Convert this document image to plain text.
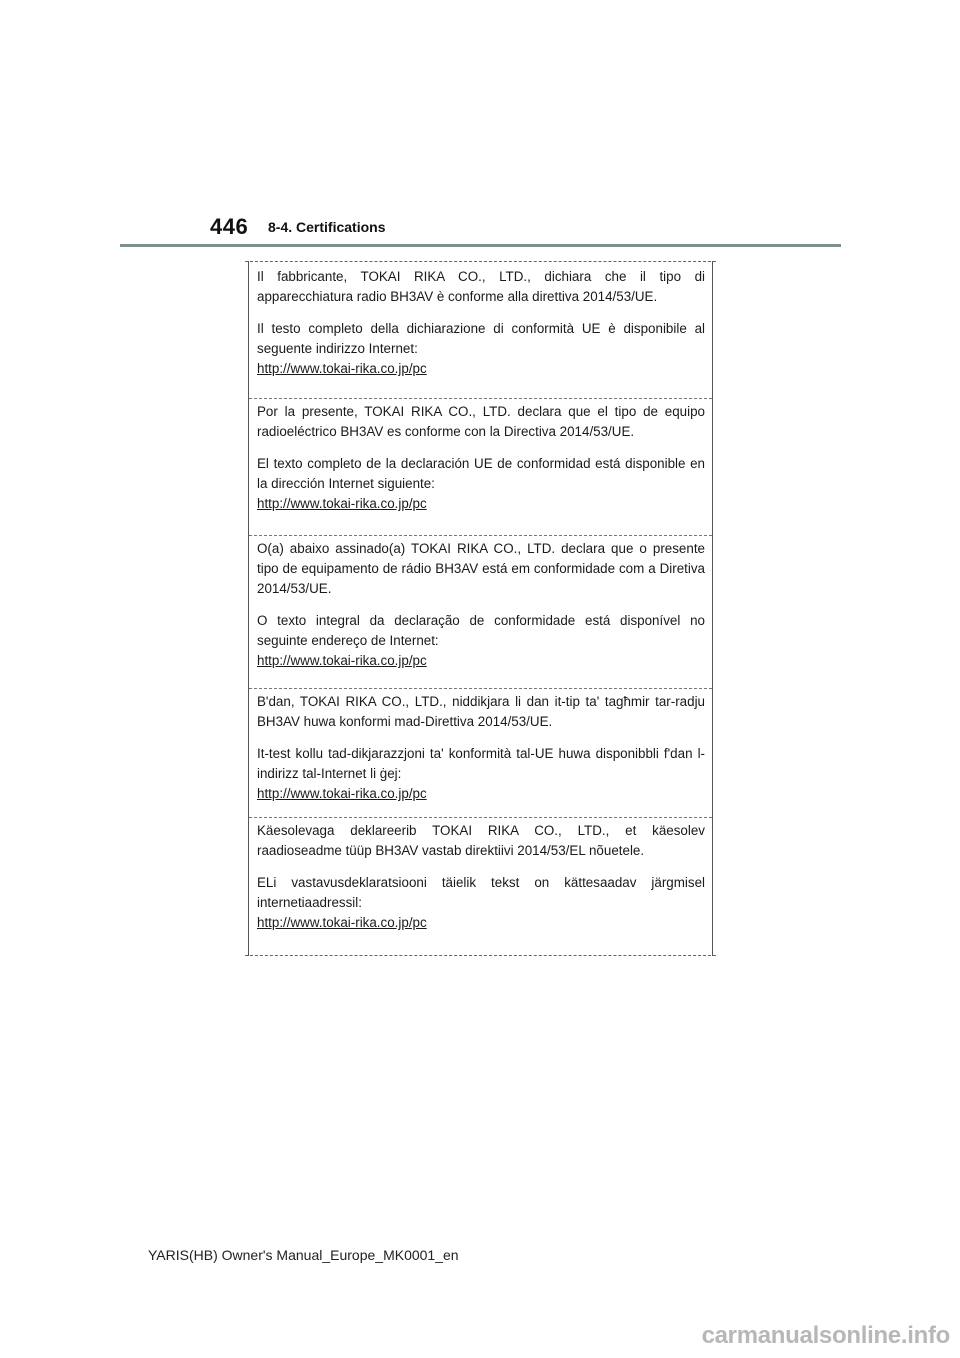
446 8-4. Certifications

Il fabbricante, TOKAI RIKA CO., LTD., dichiara che il tipo di apparecchiatura radio BH3AV è conforme alla direttiva 2014/53/UE.

Il testo completo della dichiarazione di conformità UE è disponibile al seguente indirizzo Internet:
http://www.tokai-rika.co.jp/pc

Por la presente, TOKAI RIKA CO., LTD. declara que el tipo de equipo radioeléctrico BH3AV es conforme con la Directiva 2014/53/UE.

El texto completo de la declaración UE de conformidad está disponible en la dirección Internet siguiente:
http://www.tokai-rika.co.jp/pc

O(a) abaixo assinado(a) TOKAI RIKA CO., LTD. declara que o presente tipo de equipamento de rádio BH3AV está em conformidade com a Diretiva 2014/53/UE.

O texto integral da declaração de conformidade está disponível no seguinte endereço de Internet:
http://www.tokai-rika.co.jp/pc

B'dan, TOKAI RIKA CO., LTD., niddikjara li dan it-tip ta' tagħmir tar-radju BH3AV huwa konformi mad-Direttiva 2014/53/UE.

It-test kollu tad-dikjarazzjoni ta' konformità tal-UE huwa disponibbli f'dan l-indirizz tal-Internet li ġej:
http://www.tokai-rika.co.jp/pc

Käesolevaga deklareerib TOKAI RIKA CO., LTD., et käesolev raadioseadme tüüp BH3AV vastab direktiivi 2014/53/EL nõuetele.

ELi vastavusdeklaratsiooni täielik tekst on kättesaadav järgmisel internetiaadressil:
http://www.tokai-rika.co.jp/pc

YARIS(HB) Owner's Manual_Europe_MK0001_en
carmanualsonline.info
